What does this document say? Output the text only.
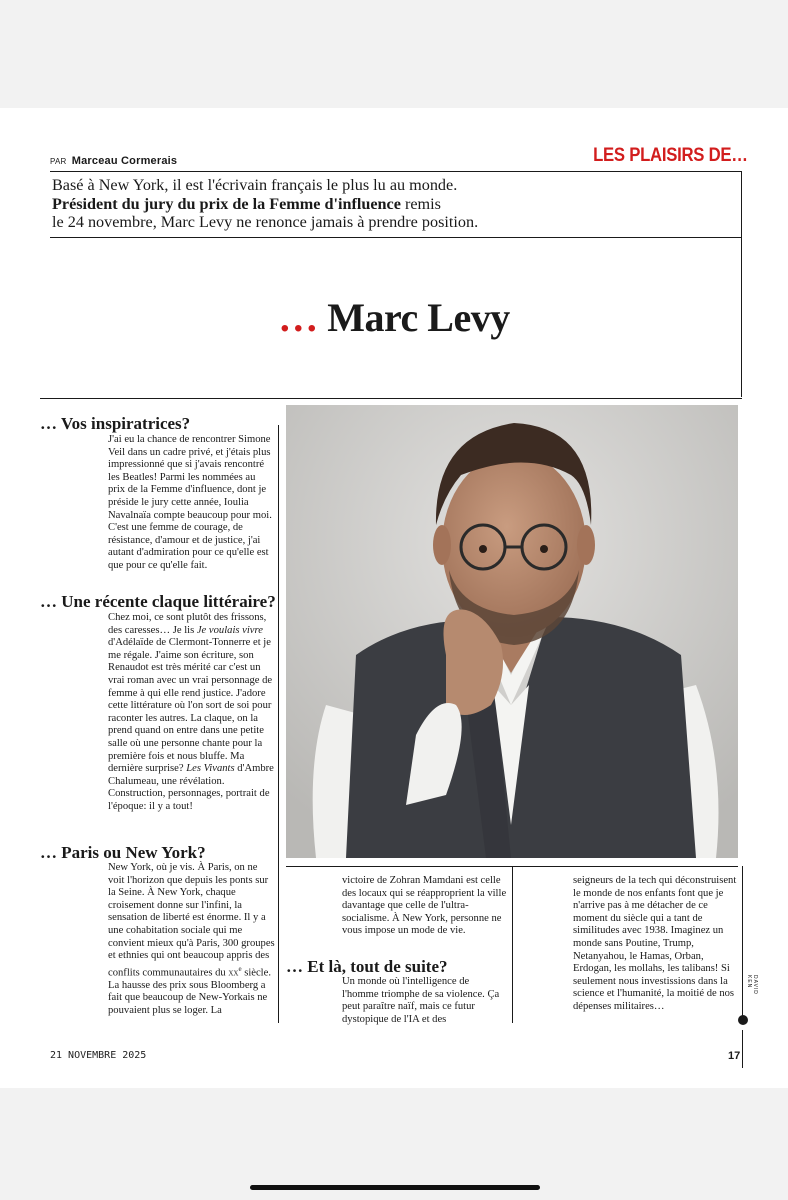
PAR Marceau Cormerais	LES PLAISIRS DE…
Basé à New York, il est l'écrivain français le plus lu au monde.
Président du jury du prix de la Femme d'influence remis
le 24 novembre, Marc Levy ne renonce jamais à prendre position.
… Marc Levy
… Vos inspiratrices?
J'ai eu la chance de rencontrer Simone Veil dans un cadre privé, et j'étais plus impressionné que si j'avais rencontré les Beatles! Parmi les nommées au prix de la Femme d'influence, dont je préside le jury cette année, Ioulia Navalnaïa compte beaucoup pour moi. C'est une femme de courage, de résistance, d'amour et de justice, j'ai autant d'admiration pour ce qu'elle est que pour ce qu'elle fait.
… Une récente claque littéraire?
Chez moi, ce sont plutôt des frissons, des caresses… Je lis Je voulais vivre d'Adélaïde de Clermont-Tonnerre et je me régale. J'aime son écriture, son Renaudot est très mérité car c'est un vrai roman avec un vrai personnage de femme à qui elle rend justice. J'adore cette littérature où l'on sort de soi pour raconter les autres. La claque, on la prend quand on entre dans une petite salle où une personne chante pour la première fois et nous bluffe. Ma dernière surprise? Les Vivants d'Ambre Chalumeau, une révélation. Construction, personnages, portrait de l'époque: il y a tout!
… Paris ou New York?
New York, où je vis. À Paris, on ne voit l'horizon que depuis les ponts sur la Seine. À New York, chaque croisement donne sur l'infini, la sensation de liberté est énorme. Il y a une cohabitation sociale qui me convient mieux qu'à Paris, 300 groupes et ethnies qui ont beaucoup appris des conflits communautaires du $xx^e$ siècle. La hausse des prix sous Bloomberg a fait que beaucoup de New-Yorkais ne pouvaient plus se loger. La
victoire de Zohran Mamdani est celle des locaux qui se réapproprient la ville davantage que celle de l'ultra-socialisme. À New York, personne ne vous impose un mode de vie.
… Et là, tout de suite?
Un monde où l'intelligence de l'homme triomphe de sa violence. Ça peut paraître naïf, mais ce futur dystopique de l'IA et des
seigneurs de la tech qui déconstruisent le monde de nos enfants font que je n'arrive pas à me détacher de ce moment du siècle qui a tant de similitudes avec 1938. Imaginez un monde sans Poutine, Trump, Netanyahou, le Hamas, Orban, Erdogan, les mollahs, les talibans! Si seulement nous investissions dans la science et l'humanité, la moitié de nos dépenses militaires…
DAVID KEN
21 NOVEMBRE 2025	17
